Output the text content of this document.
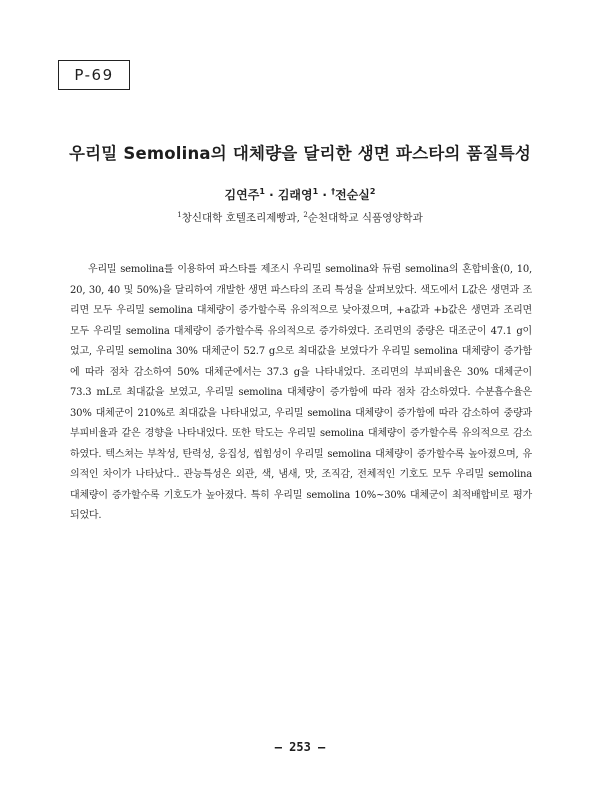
P-69
우리밀 Semolina의 대체량을 달리한 생면 파스타의 품질특성
김연주$^1$ · 김래영$^1$ · †전순실$^2$
$^1$창신대학 호텔조리제빵과, $^2$순천대학교 식품영양학과

우리밀 semolina를 이용하여 파스타를 제조시 우리밀 semolina와 듀럼 semolina의 혼합비율(0, 10, 20, 30, 40 및 50%)을 달리하여 개발한 생면 파스타의 조리 특성을 살펴보았다. 색도에서 L값은 생면과 조리면 모두 우리밀 semolina 대체량이 증가할수록 유의적으로 낮아졌으며, +a값과 +b값은 생면과 조리면 모두 우리밀 semolina 대체량이 증가할수록 유의적으로 증가하였다. 조리면의 중량은 대조군이 47.1 g이었고, 우리밀 semolina 30% 대체군이 52.7 g으로 최대값을 보였다가 우리밀 semolina 대체량이 증가함에 따라 점차 감소하여 50% 대체군에서는 37.3 g을 나타내었다. 조리면의 부피비율은 30% 대체군이 73.3 mL로 최대값을 보였고, 우리밀 semolina 대체량이 증가함에 따라 점차 감소하였다. 수분흡수율은 30% 대체군이 210%로 최대값을 나타내었고, 우리밀 semolina 대체량이 증가함에 따라 감소하여 중량과 부피비율과 같은 경향을 나타내었다. 또한 탁도는 우리밀 semolina 대체량이 증가할수록 유의적으로 감소하였다. 텍스쳐는 부착성, 탄력성, 응집성, 씹힘성이 우리밀 semolina 대체량이 증가할수록 높아졌으며, 유의적인 차이가 나타났다.. 관능특성은 외관, 색, 냄새, 맛, 조직감, 전체적인 기호도 모두 우리밀 semolina 대체량이 증가할수록 기호도가 높아졌다. 특히 우리밀 semolina 10%~30% 대체군이 최적배합비로 평가되었다.

— 253 —
